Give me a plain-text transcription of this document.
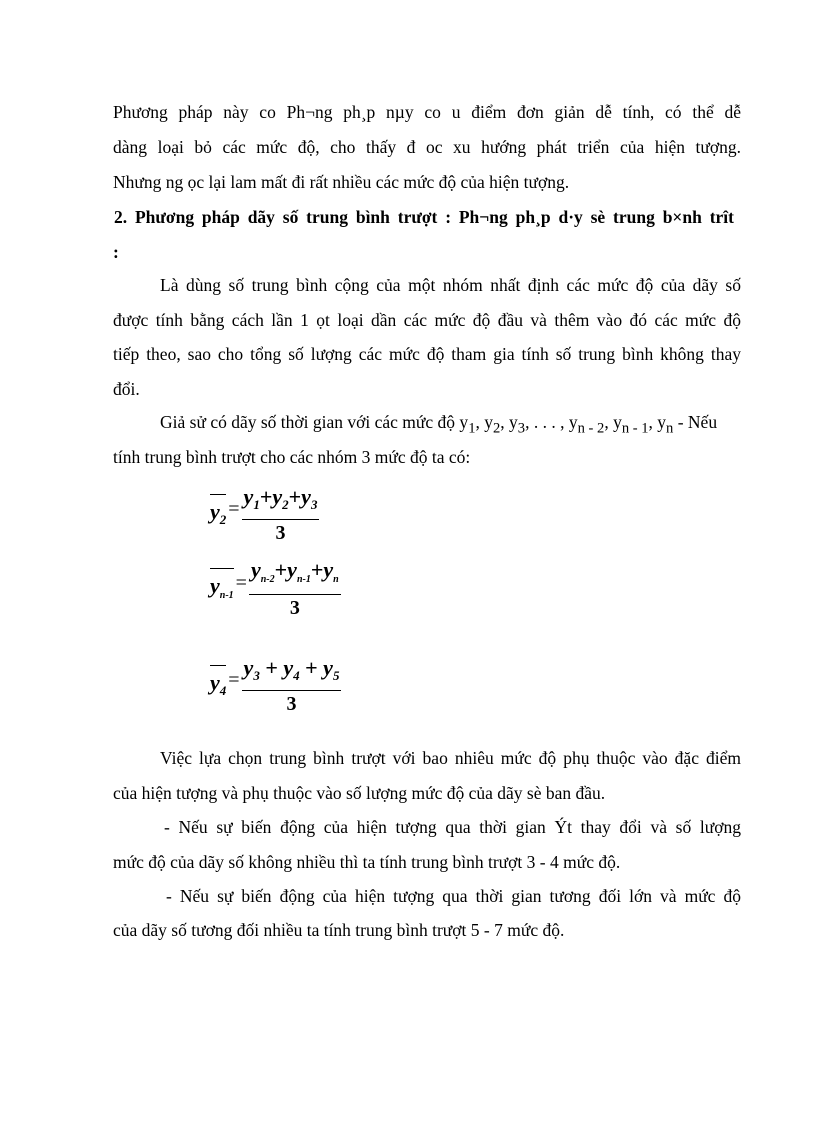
Phương pháp này co Ph¬ng ph¸p nµy co u điểm đơn giản dễ tính, có thể dễ
dàng loại bỏ các mức độ, cho thấy đ oc xu hướng phát triển của hiện tượng.
Nhưng ng ọc lại lam mất đi rất nhiều các mức độ của hiện tượng.
2. Phương pháp dãy số trung bình trượt : Ph¬ng ph¸p d·y sè trung b×nh trît
:
Là dùng số trung bình cộng của một nhóm nhất định các mức độ của dãy số
được tính bằng cách lần 1 ọt loại dần các mức độ đầu và thêm vào đó các mức độ
tiếp theo, sao cho tổng số lượng các mức độ tham gia tính số trung bình không thay
đổi.
Giả sử có dãy số thời gian với các mức độ $y_1$, $y_2$, $y_3$, . . . , $y_{n - 2}$, $y_{n - 1}$, $y_n$ - Nếu
tính trung bình trượt cho các nhóm 3 mức độ ta có:
$y_2 = \frac{y_1+y_2+y_3}{3}$
$y_{n-1}= \frac{y_{n-2}+y_{n-1}+y_n}{3}$
$y_4 = \frac{y_3 + y_4 + y_5}{3}$
Việc lựa chọn trung bình trượt với bao nhiêu mức độ phụ thuộc vào đặc điểm
của hiện tượng và phụ thuộc vào số lượng mức độ của dãy sè ban đầu.
- Nếu sự biến động của hiện tượng qua thời gian Ýt thay đổi và số lượng
mức độ của dãy số không nhiều thì ta tính trung bình trượt 3 - 4 mức độ.
- Nếu sự biến động của hiện tượng qua thời gian tương đối lớn và mức độ
của dãy số tương đối nhiều ta tính trung bình trượt 5 - 7 mức độ.
